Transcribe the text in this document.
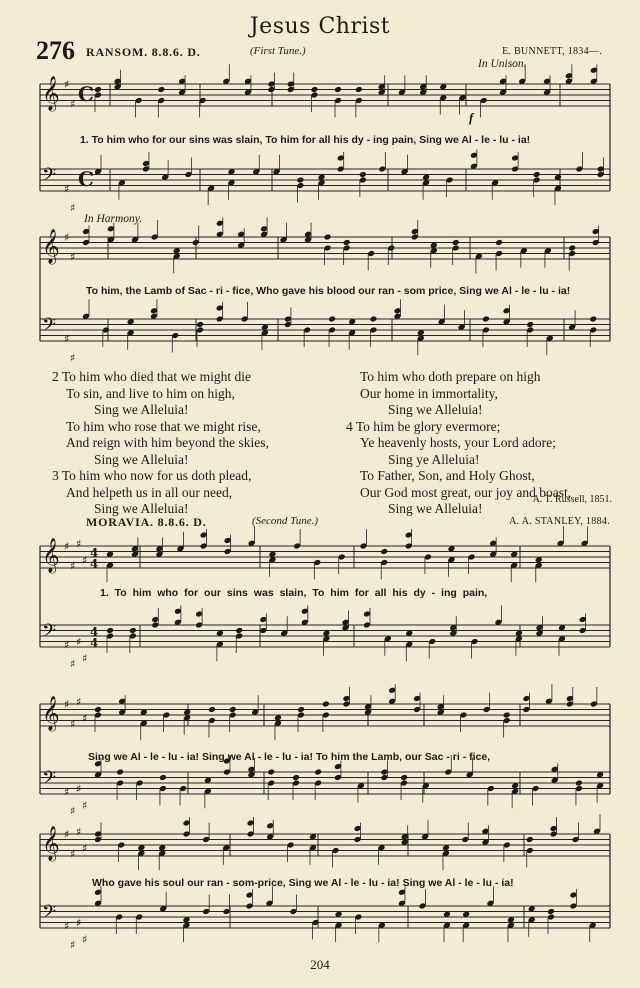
𝄞
𝄢
♯
♯
♯
♯
C
C
𝄞
𝄢
♯
♯
♯
♯
𝄞
𝄢
♯
♯
♯
♯
♯
♯
♯
♯
4
4
4
4
𝄞
𝄢
♯
♯
♯
♯
♯
♯
♯
♯
𝄞
𝄢
♯
♯
♯
♯
♯
♯
♯
♯
Jesus Christ
276 RANSOM. 8.8.6. D.	(First Tune.)	E. BUNNETT, 1834—.
In Unison.
In Harmony.
f
1. To him who for our sins was slain, To him for all his dy - ing pain, Sing we Al - le - lu - ia!
To him, the Lamb of Sac - ri - fice, Who gave his blood our ran - som price, Sing we Al - le - lu - ia!
2 To him who died that we might die
To sin, and live to him on high,
Sing we Alleluia!
To him who rose that we might rise,
And reign with him beyond the skies,
Sing we Alleluia!
3 To him who now for us doth plead,
And helpeth us in all our need,
Sing we Alleluia!
To him who doth prepare on high
Our home in immortality,
Sing we Alleluia!
4 To him be glory evermore;
Ye heavenly hosts, your Lord adore;
Sing ye Alleluia!
To Father, Son, and Holy Ghost,
Our God most great, our joy and boast,
Sing we Alleluia!
A. T. Russell, 1851.
MORAVIA. 8.8.6. D.	(Second Tune.)	A. A. STANLEY, 1884.
1. To him who for our sins was slain, To him for all his dy - ing pain,
Sing we Al - le - lu - ia! Sing we Al - le - lu - ia! To him the Lamb, our Sac - ri - fice,
Who gave his soul our ran - som-price, Sing we Al - le - lu - ia! Sing we Al - le - lu - ia!
204
